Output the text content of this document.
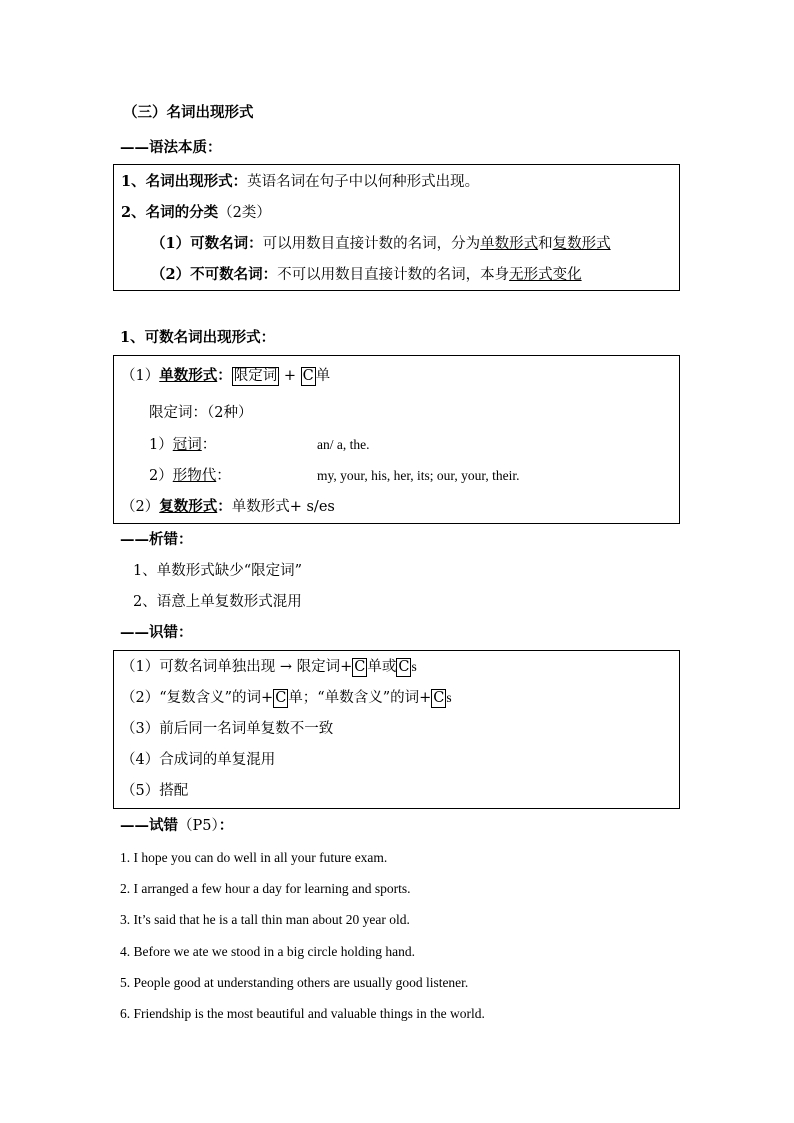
（三）名词出现形式
——语法本质：
1、名词出现形式：英语名词在句子中以何种形式出现。
2、名词的分类（2类）
（1）可数名词：可以用数目直接计数的名词，分为单数形式和复数形式
（2）不可数名词：不可以用数目直接计数的名词，本身无形式变化
1、可数名词出现形式：
（1）单数形式： 限定词 + C 单
限定词：（2种）
1）冠词：	an/ a, the.
2）形物代：	my, your, his, her, its; our, your, their.
（2）复数形式：单数形式+ s/es
——析错：
1、单数形式缺少“限定词”
2、语意上单复数形式混用
——识错：
（1）可数名词单独出现 → 限定词+ C 单或 C s
（2）“复数含义”的词+ C 单；“单数含义”的词+ C s
（3）前后同一名词单复数不一致
（4）合成词的单复混用
（5）搭配
——试错（P5）：
1. I hope you can do well in all your future exam.
2. I arranged a few hour a day for learning and sports.
3. It’s said that he is a tall thin man about 20 year old.
4. Before we ate we stood in a big circle holding hand.
5. People good at understanding others are usually good listener.
6. Friendship is the most beautiful and valuable things in the world.
